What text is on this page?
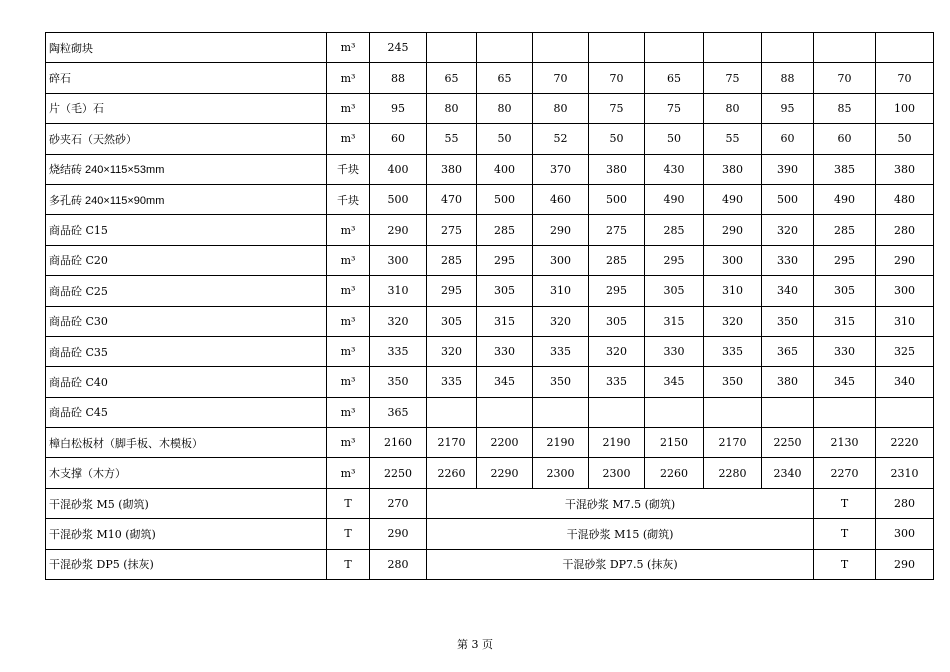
陶粒砌块	m³	245									
碎石	m³	88	65	65	70	70	65	75	88	70	70
片（毛）石	m³	95	80	80	80	75	75	80	95	85	100
砂夹石（天然砂）	m³	60	55	50	52	50	50	55	60	60	50
烧结砖 240×115×53mm	千块	400	380	400	370	380	430	380	390	385	380
多孔砖 240×115×90mm	千块	500	470	500	460	500	490	490	500	490	480
商品砼 C15	m³	290	275	285	290	275	285	290	320	285	280
商品砼 C20	m³	300	285	295	300	285	295	300	330	295	290
商品砼 C25	m³	310	295	305	310	295	305	310	340	305	300
商品砼 C30	m³	320	305	315	320	305	315	320	350	315	310
商品砼 C35	m³	335	320	330	335	320	330	335	365	330	325
商品砼 C40	m³	350	335	345	350	335	345	350	380	345	340
商品砼 C45	m³	365									
樟白松板材（脚手板、木模板）	m³	2160	2170	2200	2190	2190	2150	2170	2250	2130	2220
木支撑（木方）	m³	2250	2260	2290	2300	2300	2260	2280	2340	2270	2310
干混砂浆 M5 (砌筑)	T	270	干混砂浆 M7.5 (砌筑)							T	280
干混砂浆 M10 (砌筑)	T	290	干混砂浆 M15 (砌筑)							T	300
干混砂浆 DP5 (抹灰)	T	280	干混砂浆 DP7.5 (抹灰)							T	290
第 3 页
